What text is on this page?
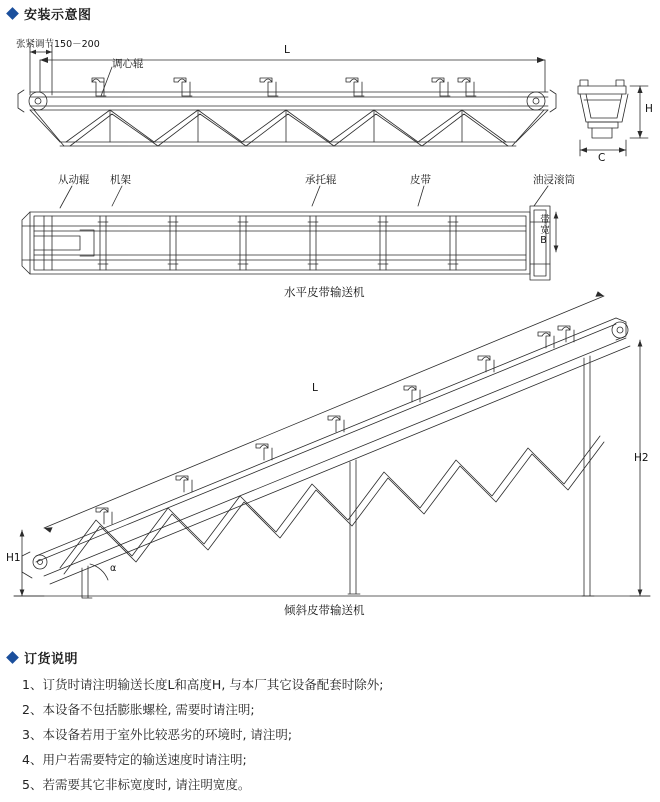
安装示意图
张紧调节150－200
调心辊
L
H
C
从动辊 机架	承托辊	皮带	油浸滚筒
带宽B
水平皮带输送机
L
H1
H2
α
倾斜皮带输送机
订货说明
1、订货时请注明输送长度L和高度H, 与本厂其它设备配套时除外;
2、本设备不包括膨胀螺栓, 需要时请注明;
3、本设备若用于室外比较恶劣的环境时, 请注明;
4、用户若需要特定的输送速度时请注明;
5、若需要其它非标宽度时, 请注明宽度。
